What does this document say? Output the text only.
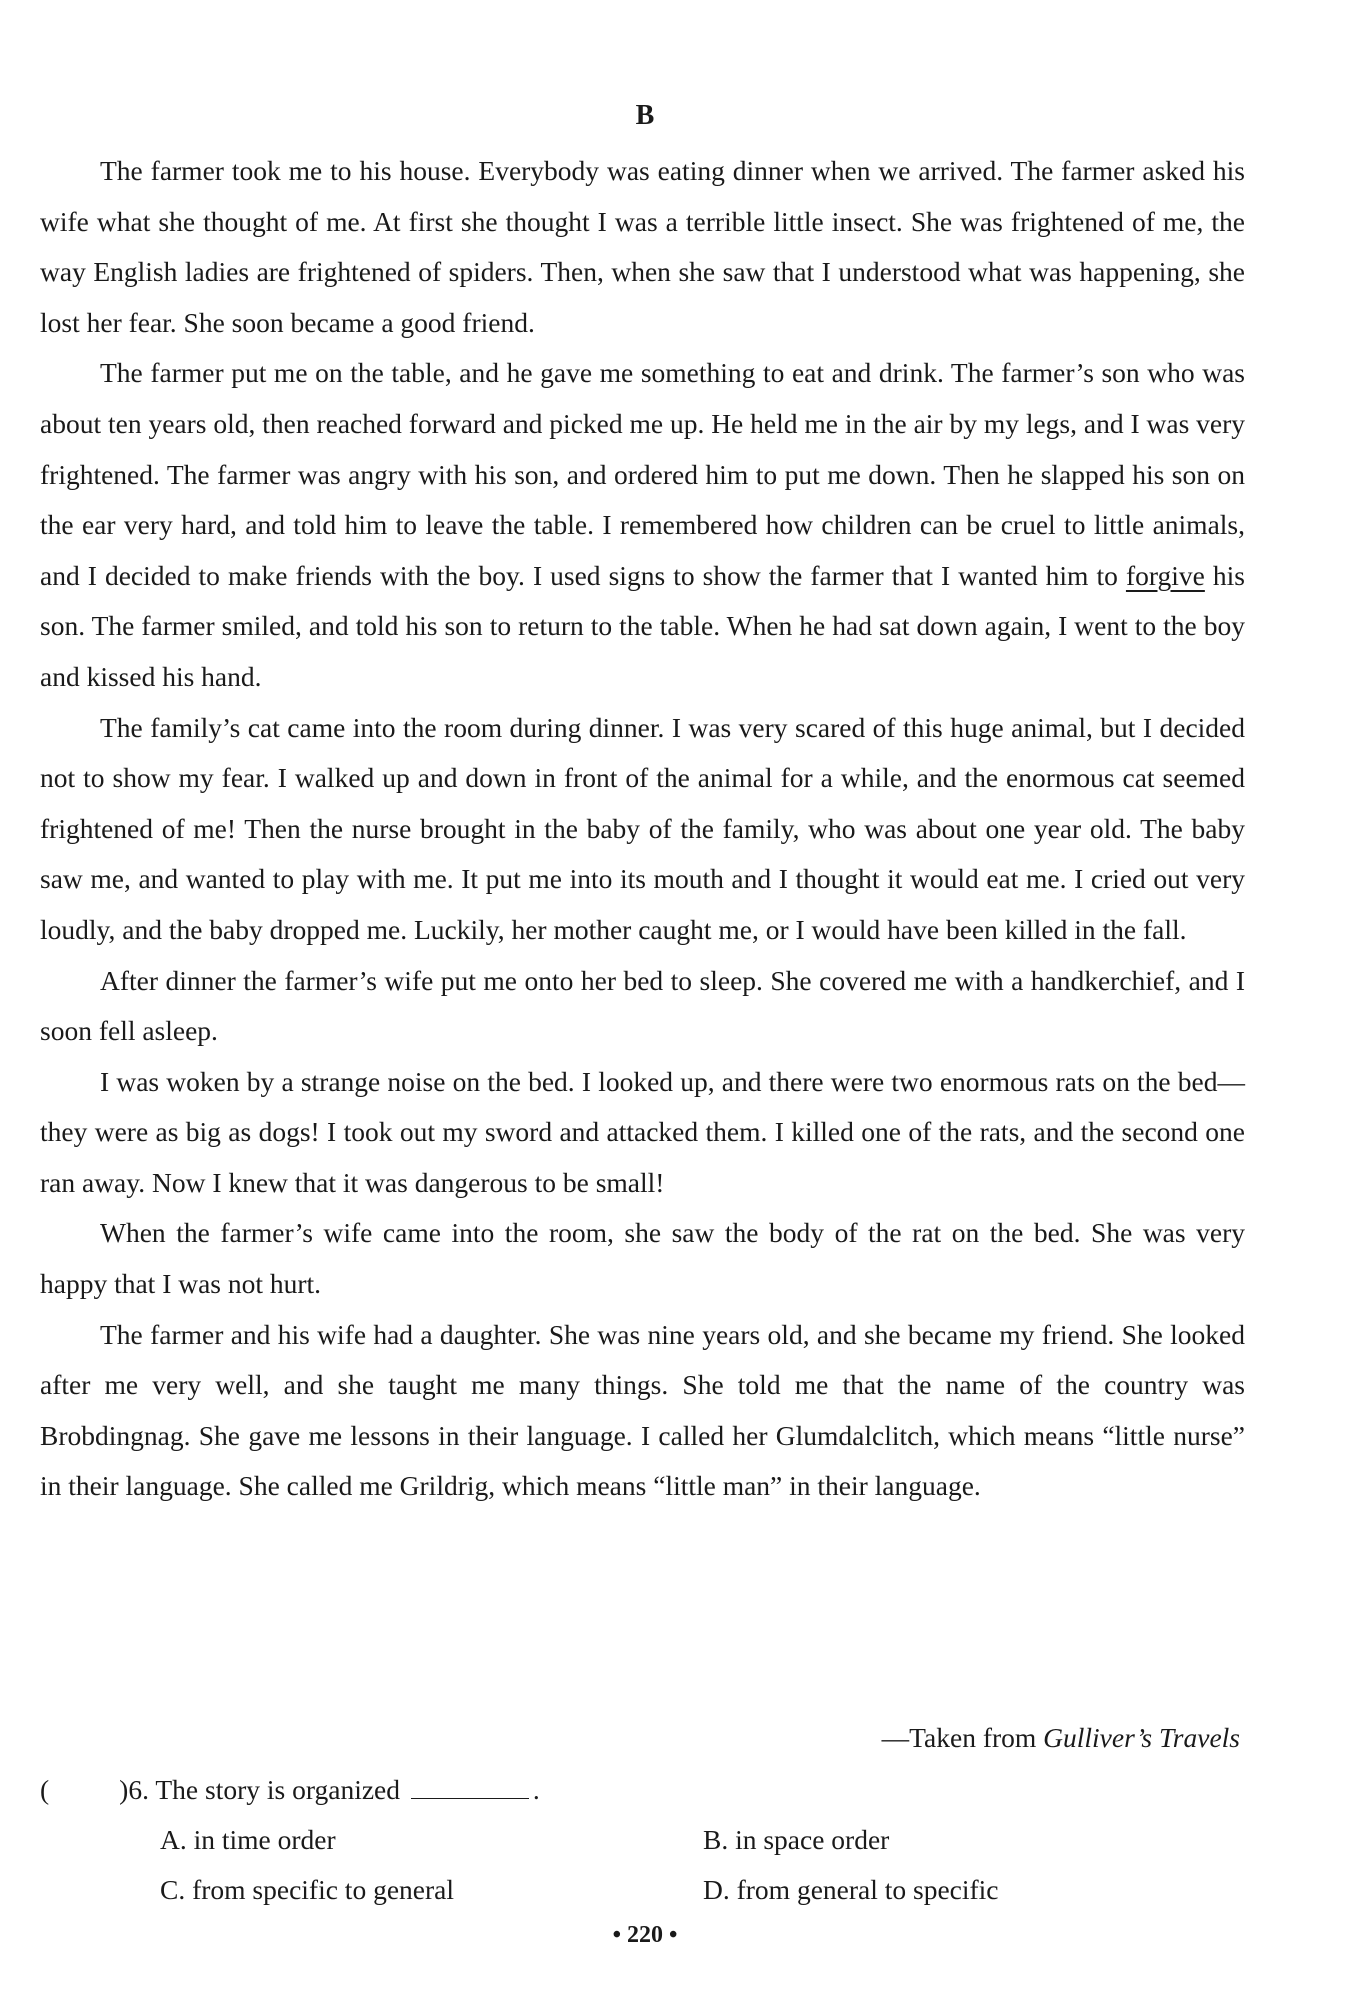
B

The farmer took me to his house. Everybody was eating dinner when we arrived. The farmer asked his wife what she thought of me. At first she thought I was a terrible little insect. She was frightened of me, the way English ladies are frightened of spiders. Then, when she saw that I understood what was happening, she lost her fear. She soon became a good friend.

The farmer put me on the table, and he gave me something to eat and drink. The farmer’s son who was about ten years old, then reached forward and picked me up. He held me in the air by my legs, and I was very frightened. The farmer was angry with his son, and ordered him to put me down. Then he slapped his son on the ear very hard, and told him to leave the table. I remembered how children can be cruel to little animals, and I decided to make friends with the boy. I used signs to show the farmer that I wanted him to forgive his son. The farmer smiled, and told his son to return to the table. When he had sat down again, I went to the boy and kissed his hand.

The family’s cat came into the room during dinner. I was very scared of this huge animal, but I decided not to show my fear. I walked up and down in front of the animal for a while, and the enormous cat seemed frightened of me! Then the nurse brought in the baby of the family, who was about one year old. The baby saw me, and wanted to play with me. It put me into its mouth and I thought it would eat me. I cried out very loudly, and the baby dropped me. Luckily, her mother caught me, or I would have been killed in the fall.

After dinner the farmer’s wife put me onto her bed to sleep. She covered me with a handkerchief, and I soon fell asleep.

I was woken by a strange noise on the bed. I looked up, and there were two enormous rats on the bed—they were as big as dogs! I took out my sword and attacked them. I killed one of the rats, and the second one ran away. Now I knew that it was dangerous to be small!

When the farmer’s wife came into the room, she saw the body of the rat on the bed. She was very happy that I was not hurt.

The farmer and his wife had a daughter. She was nine years old, and she became my friend. She looked after me very well, and she taught me many things. She told me that the name of the country was Brobdingnag. She gave me lessons in their language. I called her Glumdalclitch, which means “little nurse” in their language. She called me Grildrig, which means “little man” in their language.

—Taken from Gulliver’s Travels
(	)6. The story is organized	.
A. in time order	B. in space order
C. from specific to general	D. from general to specific
• 220 •
